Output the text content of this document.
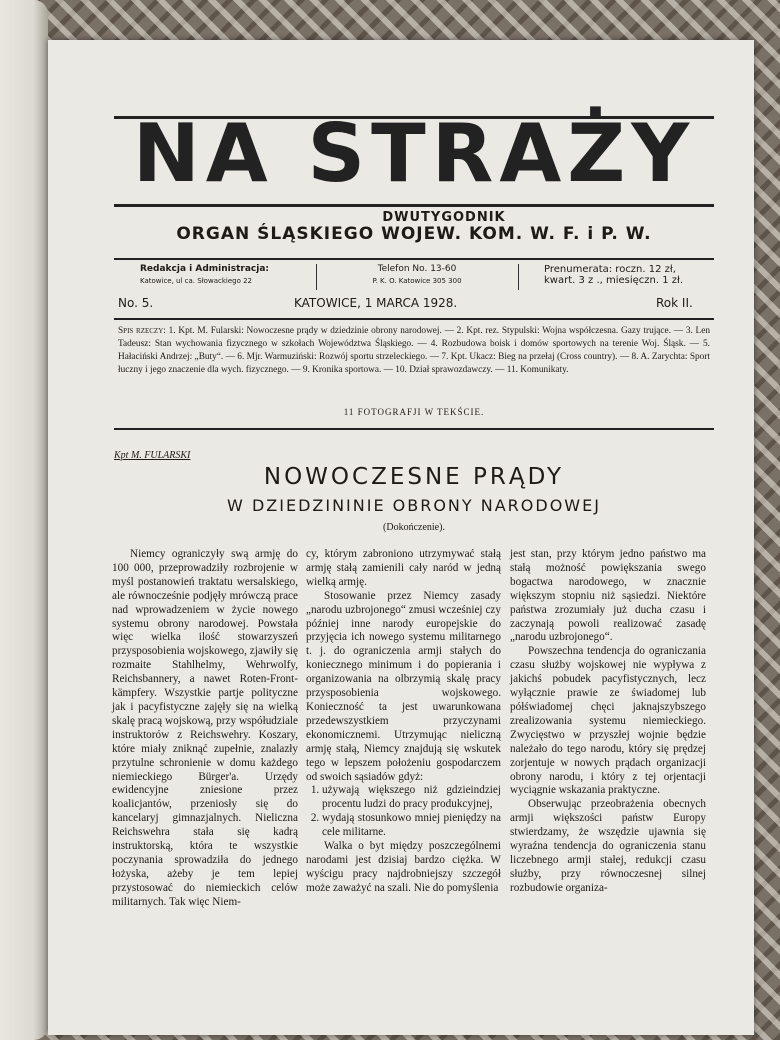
NA STRAŻY
DWUTYGODNIK
ORGAN ŚLĄSKIEGO WOJEW. KOM. W. F. i P. W.
Redakcja i Administracja:
Katowice, ul ca. Słowackiego 22
Telefon No. 13-60
P. K. O. Katowice 305 300
Prenumerata: roczn. 12 zł,
kwart. 3 z ., miesięczn. 1 zł.
No. 5.	KATOWICE, 1 MARCA 1928.	Rok II.
Spis rzeczy: 1. Kpt. M. Fularski: Nowoczesne prądy w dziedzinie obrony narodowej. — 2. Kpt. rez. Stypulski: Wojna współczesna. Gazy trujące. — 3. Len Tadeusz: Stan wychowania fizycznego w szkołach Województwa Śląskiego. — 4. Rozbudowa boisk i domów sportowych na terenie Woj. Śląsk. — 5. Hałaciński Andrzej: „Buty“. — 6. Mjr. Warmuziński: Rozwój sportu strzeleckiego. — 7. Kpt. Ukacz: Bieg na przełaj (Cross country). — 8. A. Zarychta: Sport łuczny i jego znaczenie dla wych. fizycznego. — 9. Kronika sportowa. — 10. Dział sprawozdawczy. — 11. Komunikaty.
11 FOTOGRAFJI W TEKŚCIE.
Kpt M. FULARSKI
NOWOCZESNE PRĄDY
W DZIEDZININIE OBRONY NARODOWEJ
(Dokończenie).

Niemcy ograniczyły swą armję do 100 000, przeprowadziły rozbrojenie w myśl postanowień traktatu wersalskiego, ale równocześnie podjęły mrówczą prace nad wprowadzeniem w życie nowego systemu obrony narodowej. Powstała więc wielka ilość stowarzyszeń przysposobienia wojskowego, zjawiły się rozmaite Stahlhelmy, Wehrwolfy, Reichsbannery, a nawet Roten-Front-kämpfery. Wszystkie partje polityczne jak i pacyfistyczne zajęły się na wielką skalę pracą wojskową, przy współudziale instruktorów z Reichswehry. Koszary, które miały zniknąć zupełnie, znalazły przytulne schronienie w domu każdego niemieckiego Bürger'a. Urzędy ewidencyjne zniesione przez koalicjantów, przeniosły się do kancelaryj gimnazjalnych. Nieliczna Reichswehra stała się kadrą instruktorską, która te wszystkie poczynania sprowadziła do jednego łożyska, ażeby je tem lepiej przystosować do niemieckich celów militarnych. Tak więc Niem-

cy, którym zabroniono utrzymywać stałą armję stałą zamienili cały naród w jedną wielką armję.

Stosowanie przez Niemcy zasady „narodu uzbrojonego“ zmusi wcześniej czy później inne narody europejskie do przyjęcia ich nowego systemu militarnego t. j. do ograniczenia armji stałych do koniecznego minimum i do popierania i organizowania na olbrzymią skalę pracy przysposobienia wojskowego. Konieczność ta jest uwarunkowana przedewszystkiem przyczynami ekonomicznemi. Utrzymując nieliczną armję stałą, Niemcy znajdują się wskutek tego w lepszem położeniu gospodarczem od swoich sąsiadów gdyż:

1. używają większego niż gdzieindziej procentu ludzi do pracy produkcyjnej,
2. wydają stosunkowo mniej pieniędzy na cele militarne.

Walka o byt między poszczególnemi narodami jest dzisiaj bardzo ciężka. W wyścigu pracy najdrobniejszy szczegół może zaważyć na szali. Nie do pomyślenia

jest stan, przy którym jedno państwo ma stałą możność powiększania swego bogactwa narodowego, w znacznie większym stopniu niż sąsiedzi. Niektóre państwa zrozumiały już ducha czasu i zaczynają powoli realizować zasadę „narodu uzbrojonego“.

Powszechna tendencja do ograniczania czasu służby wojskowej nie wypływa z jakichś pobudek pacyfistycznych, lecz wyłącznie prawie ze świadomej lub półświadomej chęci jaknajszybszego zrealizowania systemu niemieckiego. Zwycięstwo w przyszłej wojnie będzie należało do tego narodu, który się prędzej zorjentuje w nowych prądach organizacji obrony narodu, i który z tej orjentacji wyciągnie wskazania praktyczne.

Obserwując przeobrażenia obecnych armji większości państw Europy stwierdzamy, że wszędzie ujawnia się wyraźna tendencja do ograniczenia stanu liczebnego armji stałej, redukcji czasu służby, przy równoczesnej silnej rozbudowie organiza-
